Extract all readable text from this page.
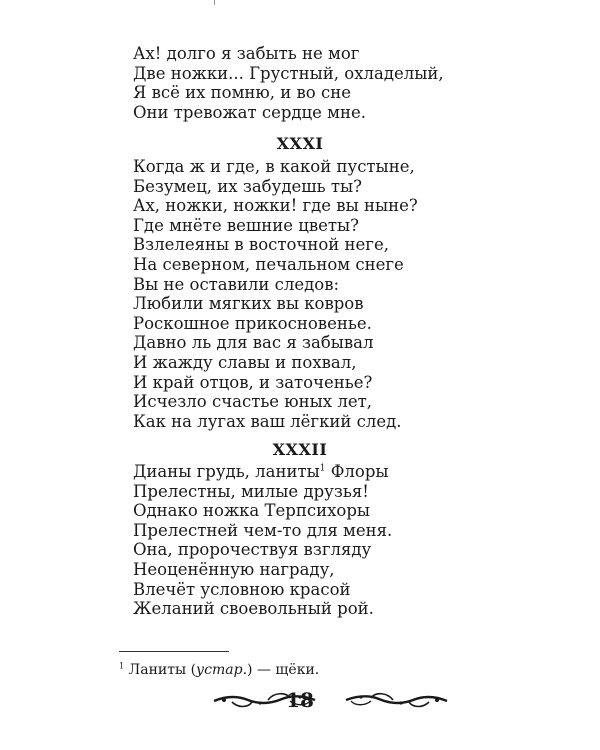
Ах! долго я забыть не мог
Две ножки... Грустный, охладелый,
Я всё их помню, и во сне
Они тревожат сердце мне.
XXXI
Когда ж и где, в какой пустыне,
Безумец, их забудешь ты?
Ах, ножки, ножки! где вы ныне?
Где мнёте вешние цветы?
Взлелеяны в восточной неге,
На северном, печальном снеге
Вы не оставили следов:
Любили мягких вы ковров
Роскошное прикосновенье.
Давно ль для вас я забывал
И жажду славы и похвал,
И край отцов, и заточенье?
Исчезло счастье юных лет,
Как на лугах ваш лёгкий след.
XXXII
Дианы грудь, ланиты$^1$ Флоры
Прелестны, милые друзья!
Однако ножка Терпсихоры
Прелестней чем-то для меня.
Она, пророчествуя взгляду
Неоценённую награду,
Влечёт условною красой
Желаний своевольный рой.
$^1$ Ланиты (устар.) — щёки.
18
